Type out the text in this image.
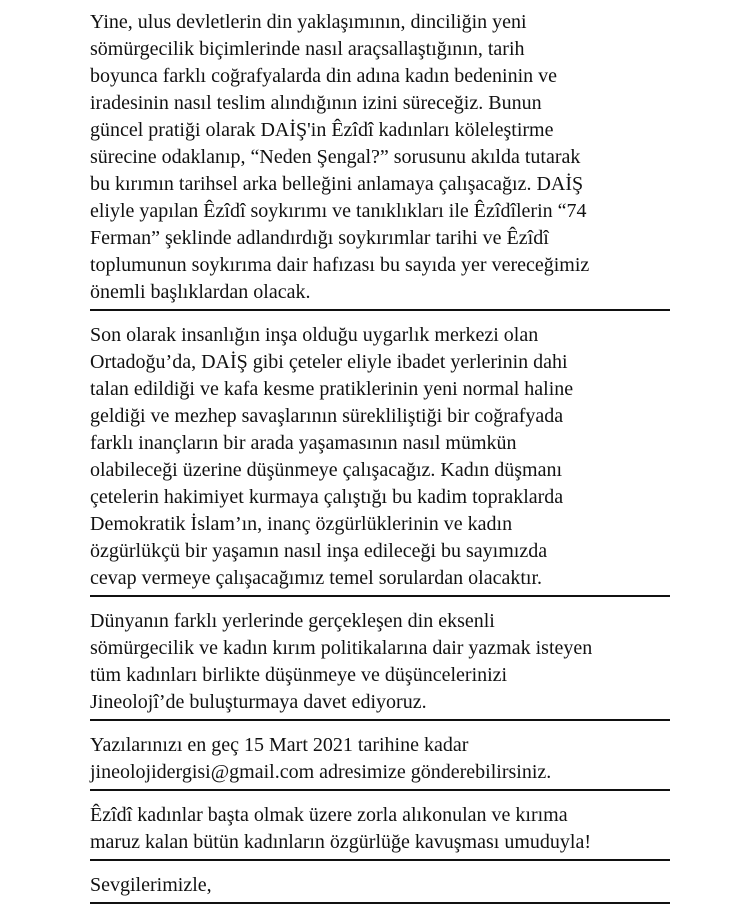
Yine, ulus devletlerin din yaklaşımının, dinciliğin yeni
sömürgecilik biçimlerinde nasıl araçsallaştığının, tarih
boyunca farklı coğrafyalarda din adına kadın bedeninin ve
iradesinin nasıl teslim alındığının izini süreceğiz. Bunun
güncel pratiği olarak DAİŞ'in Êzîdî kadınları köleleştirme
sürecine odaklanıp, “Neden Şengal?” sorusunu akılda tutarak
bu kırımın tarihsel arka belleğini anlamaya çalışacağız. DAİŞ
eliyle yapılan Êzîdî soykırımı ve tanıklıkları ile Êzîdîlerin “74
Ferman” şeklinde adlandırdığı soykırımlar tarihi ve Êzîdî
toplumunun soykırıma dair hafızası bu sayıda yer vereceğimiz
önemli başlıklardan olacak.
Son olarak insanlığın inşa olduğu uygarlık merkezi olan
Ortadoğu’da, DAİŞ gibi çeteler eliyle ibadet yerlerinin dahi
talan edildiği ve kafa kesme pratiklerinin yeni normal haline
geldiği ve mezhep savaşlarının sürekliliştiği bir coğrafyada
farklı inançların bir arada yaşamasının nasıl mümkün
olabileceği üzerine düşünmeye çalışacağız. Kadın düşmanı
çetelerin hakimiyet kurmaya çalıştığı bu kadim topraklarda
Demokratik İslam’ın, inanç özgürlüklerinin ve kadın
özgürlükçü bir yaşamın nasıl inşa edileceği bu sayımızda
cevap vermeye çalışacağımız temel sorulardan olacaktır.
Dünyanın farklı yerlerinde gerçekleşen din eksenli
sömürgecilik ve kadın kırım politikalarına dair yazmak isteyen
tüm kadınları birlikte düşünmeye ve düşüncelerinizi
Jineolojî’de buluşturmaya davet ediyoruz.
Yazılarınızı en geç 15 Mart 2021 tarihine kadar
jineolojidergisi@gmail.com adresimize gönderebilirsiniz.
Êzîdî kadınlar başta olmak üzere zorla alıkonulan ve kırıma
maruz kalan bütün kadınların özgürlüğe kavuşması umuduyla!
Sevgilerimizle,
